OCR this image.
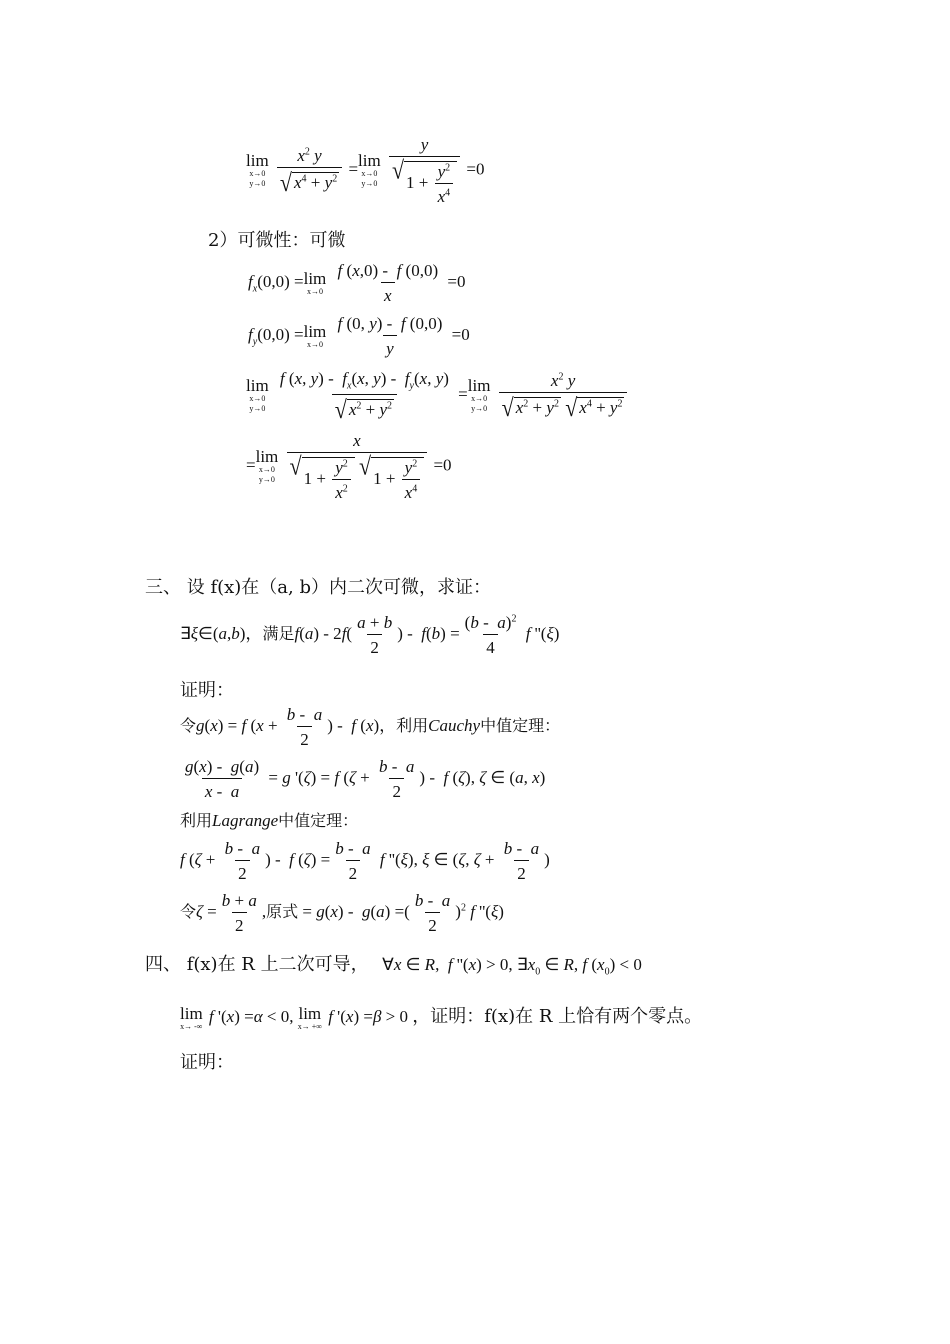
lim
x→0
y→0
$\frac{x^2 y}{√ x^4 + y^2} = \lim$
x→0
y→0
$\frac{y}{√ 1 + \frac{y^2}{x^4}} =0$
2）可微性：可微
$f_x(0,0) = \lim$
x→0
$\frac{f (x,0) - f (0,0)}{x} =0$
$f_y(0,0) = \lim$
x→0
$\frac{f (0, y) - f (0,0)}{y} =0$
lim
x→0
y→0
$\frac{f (x, y) - f_x(x, y) - f_y(x, y)}{√ x^2 + y^2} = \lim$
x→0
y→0
$x^2$ y
√ $x^2 + y^2$
√ $x^4 + y^2$
= lim
x→0
y→0
x
√ $1 + \frac{y^2}{x^2}$
√ $1 + \frac{y^2}{x^4} =0$
三、 设 f(x)在（a, b）内二次可微，求证：
∃ξ∈(a,b)，满足$f(a) - 2f( \frac{a + b}{2}$ ) -  $f(b) = \frac{(b - a)^2}{4}$ f ''(ξ)
证明：
令g(x) = f ($x + \frac{b - a}{2}$ ) -  f (x)，利用Cauchy中值定理：
$\frac{g(x) - g(a)}{x - a} = g$ '(ζ) = f ($\zeta + \frac{b - a}{2}$ ) -  f (ζ), ζ ∈ (a, x)
利用Lagrange中值定理：
f ($\zeta + \frac{b - a}{2}$ ) -  f $(\zeta) = \frac{b - a}{2}$ f ''(ξ), ξ ∈ (ζ, $\zeta + \frac{b - a}{2}$ )
令$\zeta = \frac{b + a}{2}$ ,原式 = g(x) -  g(a) =( $\frac{b - a}{2} )^2$ f ''(ξ)
四、 f(x)在 R 上二次可导，   ∀x ∈ R,  f ''(x) > 0, $\exists x_0$ ∈ R, f $(x_0) < 0$
lim
x→ -∞
f '(x) =α < 0, lim
x→ +∞
f '(x) =β > 0 ，证明：f(x)在 R 上恰有两个零点。
证明：
